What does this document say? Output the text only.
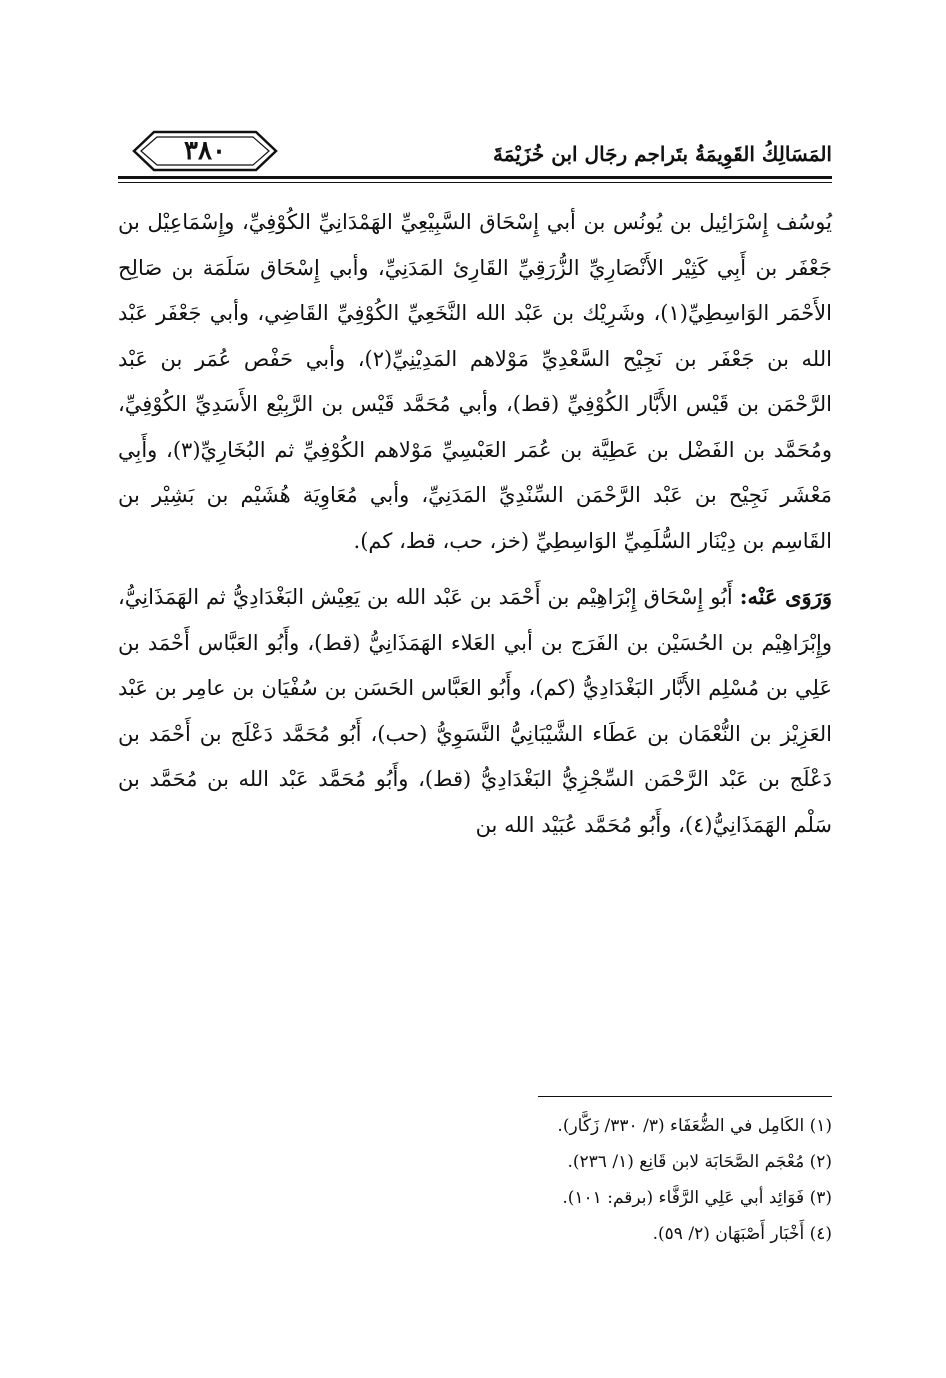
٣٨٠	المَسَالِكُ القَوِيمَةُ بتَراجم رجَال ابن خُزَيْمَةَ

يُوسُف إِسْرَائِيل بن يُونُس بن أبي إِسْحَاق السَّبِيْعِيِّ الهَمْدَانِيِّ الكُوْفِيِّ، وإِسْمَاعِيْل بن جَعْفَر بن أَبِي كَثِيْر الأَنْصَارِيِّ الزُّرَقِيِّ القَارِئ المَدَنِيِّ، وأبي إِسْحَاق سَلَمَة بن صَالِح الأَحْمَر الوَاسِطِيِّ(١)، وشَرِيْك بن عَبْد الله النَّخَعِيِّ الكُوْفِيِّ القَاضِي، وأبي جَعْفَر عَبْد الله بن جَعْفَر بن نَجِيْح السَّعْدِيِّ مَوْلاهم المَدِيْنِيِّ(٢)، وأبي حَفْص عُمَر بن عَبْد الرَّحْمَن بن قَيْس الأَبَّار الكُوْفِيِّ (قط)، وأبي مُحَمَّد قَيْس بن الرَّبِيْع الأَسَدِيِّ الكُوْفِيِّ، ومُحَمَّد بن الفَضْل بن عَطِيَّة بن عُمَر العَبْسِيِّ مَوْلاهم الكُوْفِيِّ ثم البُخَارِيِّ(٣)، وأَبِي مَعْشَر نَجِيْح بن عَبْد الرَّحْمَن السِّنْدِيِّ المَدَنِيِّ، وأبي مُعَاوِيَة هُشَيْم بن بَشِيْر بن القَاسِم بن دِيْنَار السُّلَمِيِّ الوَاسِطِيِّ (خز، حب، قط، كم).

وَرَوَى عَنْه: أَبُو إِسْحَاق إِبْرَاهِيْم بن أَحْمَد بن عَبْد الله بن يَعِيْش البَغْدَادِيُّ ثم الهَمَذَانِيُّ، وإِبْرَاهِيْم بن الحُسَيْن بن الفَرَج بن أبي العَلاء الهَمَذَانِيُّ (قط)، وأَبُو العَبَّاس أَحْمَد بن عَلِي بن مُسْلِم الأَبَّار البَغْدَادِيُّ (كم)، وأَبُو العَبَّاس الحَسَن بن سُفْيَان بن عامِر بن عَبْد العَزِيْز بن النُّعْمَان بن عَطَاء الشَّيْبَانِيُّ النَّسَوِيُّ (حب)، أَبُو مُحَمَّد دَعْلَج بن أَحْمَد بن دَعْلَج بن عَبْد الرَّحْمَن السِّجْزِيُّ البَغْدَادِيُّ (قط)، وأَبُو مُحَمَّد عَبْد الله بن مُحَمَّد بن سَلْم الهَمَذَانِيُّ(٤)، وأَبُو مُحَمَّد عُبَيْد الله بن

(١) الكَامِل في الضُّعَفَاء (٣/ ٣٣٠/ زَكَّار).
(٢) مُعْجَم الصَّحَابَة لابن قَانِع (١/ ٢٣٦).
(٣) فَوَائِد أبي عَلِي الرَّفَّاء (برقم: ١٠١).
(٤) أَخْبَار أَصْبَهَان (٢/ ٥٩).
